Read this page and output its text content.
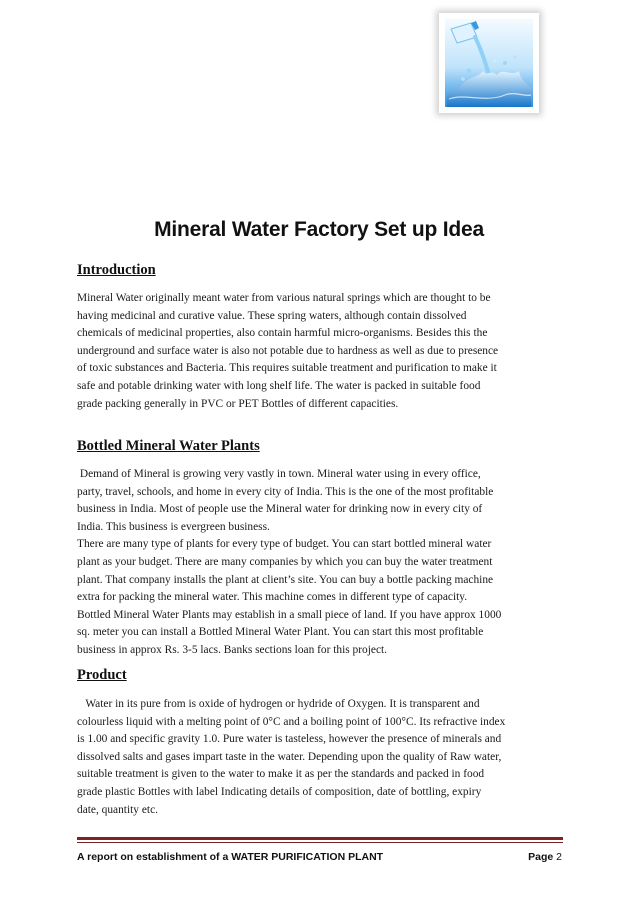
Mineral Water Factory Set up Idea
Introduction

Mineral Water originally meant water from various natural springs which are thought to be
having medicinal and curative value. These spring waters, although contain dissolved
chemicals of medicinal properties, also contain harmful micro-organisms. Besides this the
underground and surface water is also not potable due to hardness as well as due to presence
of toxic substances and Bacteria. This requires suitable treatment and purification to make it
safe and potable drinking water with long shelf life. The water is packed in suitable food
grade packing generally in PVC or PET Bottles of different capacities.

Bottled Mineral Water Plants

Demand of Mineral is growing very vastly in town. Mineral water using in every office,
party, travel, schools, and home in every city of India. This is the one of the most profitable
business in India. Most of people use the Mineral water for drinking now in every city of
India. This business is evergreen business.
There are many type of plants for every type of budget. You can start bottled mineral water
plant as your budget. There are many companies by which you can buy the water treatment
plant. That company installs the plant at client’s site. You can buy a bottle packing machine
extra for packing the mineral water. This machine comes in different type of capacity.
Bottled Mineral Water Plants may establish in a small piece of land. If you have approx 1000
sq. meter you can install a Bottled Mineral Water Plant. You can start this most profitable
business in approx Rs. 3-5 lacs. Banks sections loan for this project.

Product

Water in its pure from is oxide of hydrogen or hydride of Oxygen. It is transparent and
colourless liquid with a melting point of 0°C and a boiling point of 100°C. Its refractive index
is 1.00 and specific gravity 1.0. Pure water is tasteless, however the presence of minerals and
dissolved salts and gases impart taste in the water. Depending upon the quality of Raw water,
suitable treatment is given to the water to make it as per the standards and packed in food
grade plastic Bottles with label Indicating details of composition, date of bottling, expiry
date, quantity etc.

A report on establishment of a WATER PURIFICATION PLANT	Page 2
